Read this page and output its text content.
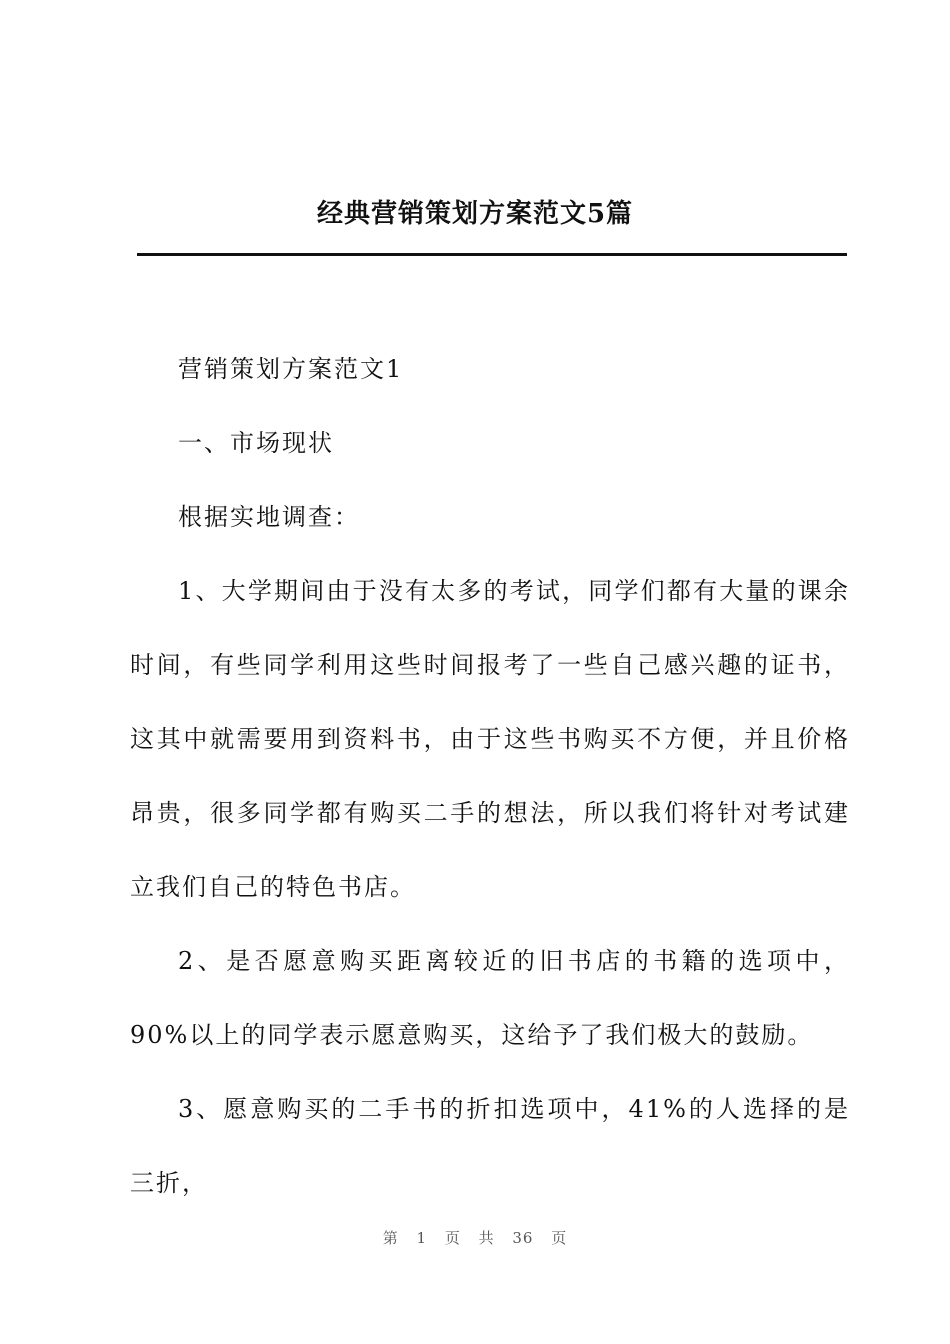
经典营销策划方案范文5篇

营销策划方案范文1

一、市场现状

根据实地调查：

1、大学期间由于没有太多的考试，同学们都有大量的课余时间，有些同学利用这些时间报考了一些自己感兴趣的证书，这其中就需要用到资料书，由于这些书购买不方便，并且价格昂贵，很多同学都有购买二手的想法，所以我们将针对考试建立我们自己的特色书店。

2、是否愿意购买距离较近的旧书店的书籍的选项中，90%以上的同学表示愿意购买，这给予了我们极大的鼓励。

3、愿意购买的二手书的折扣选项中，41%的人选择的是三折，

第 1 页 共 36 页
